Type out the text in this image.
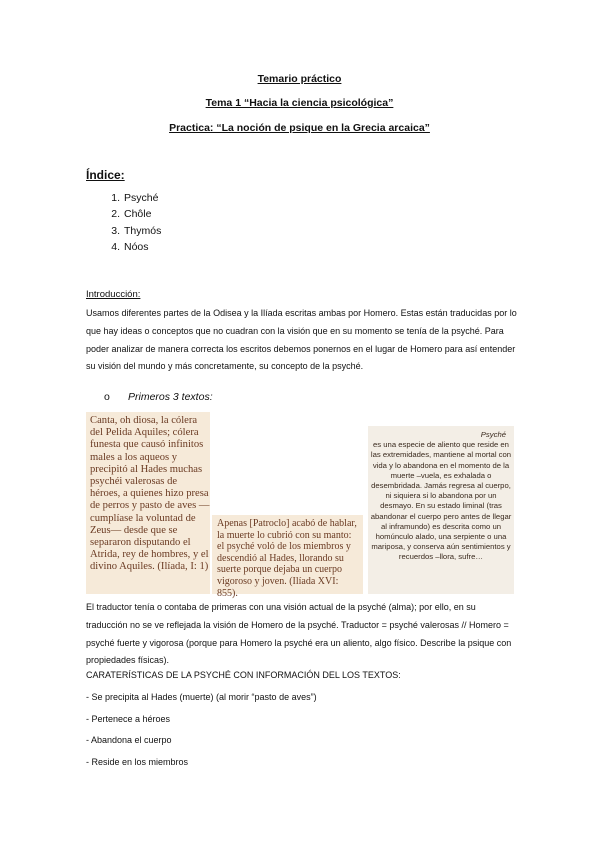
Temario práctico
Tema 1 “Hacia la ciencia psicológica”
Practica: “La noción de psique en la Grecia arcaica”
Índice:
1. Psyché
2. Chôle
3. Thymós
4. Nóos
Introducción:
Usamos diferentes partes de la Odisea y la Ilíada escritas ambas por Homero. Estas están traducidas por lo que hay ideas o conceptos que no cuadran con la visión que en su momento se tenía de la psyché. Para poder analizar de manera correcta los escritos debemos ponernos en el lugar de Homero para así entender su visión del mundo y más concretamente, su concepto de la psyché.
o Primeros 3 textos:
Canta, oh diosa, la cólera del Pelida Aquiles; cólera funesta que causó infinitos males a los aqueos y precipitó al Hades muchas psychéi valerosas de héroes, a quienes hizo presa de perros y pasto de aves —cumplíase la voluntad de Zeus— desde que se separaron disputando el Atrida, rey de hombres, y el divino Aquiles. (Ilíada, I: 1)
Apenas [Patroclo] acabó de hablar, la muerte lo cubrió con su manto: el psyché voló de los miembros y descendió al Hades, llorando su suerte porque dejaba un cuerpo vigoroso y joven. (Ilíada XVI: 855).
Psyché
es una especie de aliento que reside en las extremidades, mantiene al mortal con vida y lo abandona en el momento de la muerte –vuela, es exhalada o desembridada. Jamás regresa al cuerpo, ni siquiera si lo abandona por un desmayo. En su estado liminal (tras abandonar el cuerpo pero antes de llegar al inframundo) es descrita como un homúnculo alado, una serpiente o una mariposa, y conserva aún sentimientos y recuerdos –llora, sufre…
El traductor tenía o contaba de primeras con una visión actual de la psyché (alma); por ello, en su traducción no se ve reflejada la visión de Homero de la psyché. Traductor = psyché valerosas // Homero = psyché fuerte y vigorosa (porque para Homero la psyché era un aliento, algo físico. Describe la psique con propiedades físicas).
CARATERÍSTICAS DE LA PSYCHÉ CON INFORMACIÓN DEL LOS TEXTOS:
- Se precipita al Hades (muerte) (al morir “pasto de aves”)
- Pertenece a héroes
- Abandona el cuerpo
- Reside en los miembros
